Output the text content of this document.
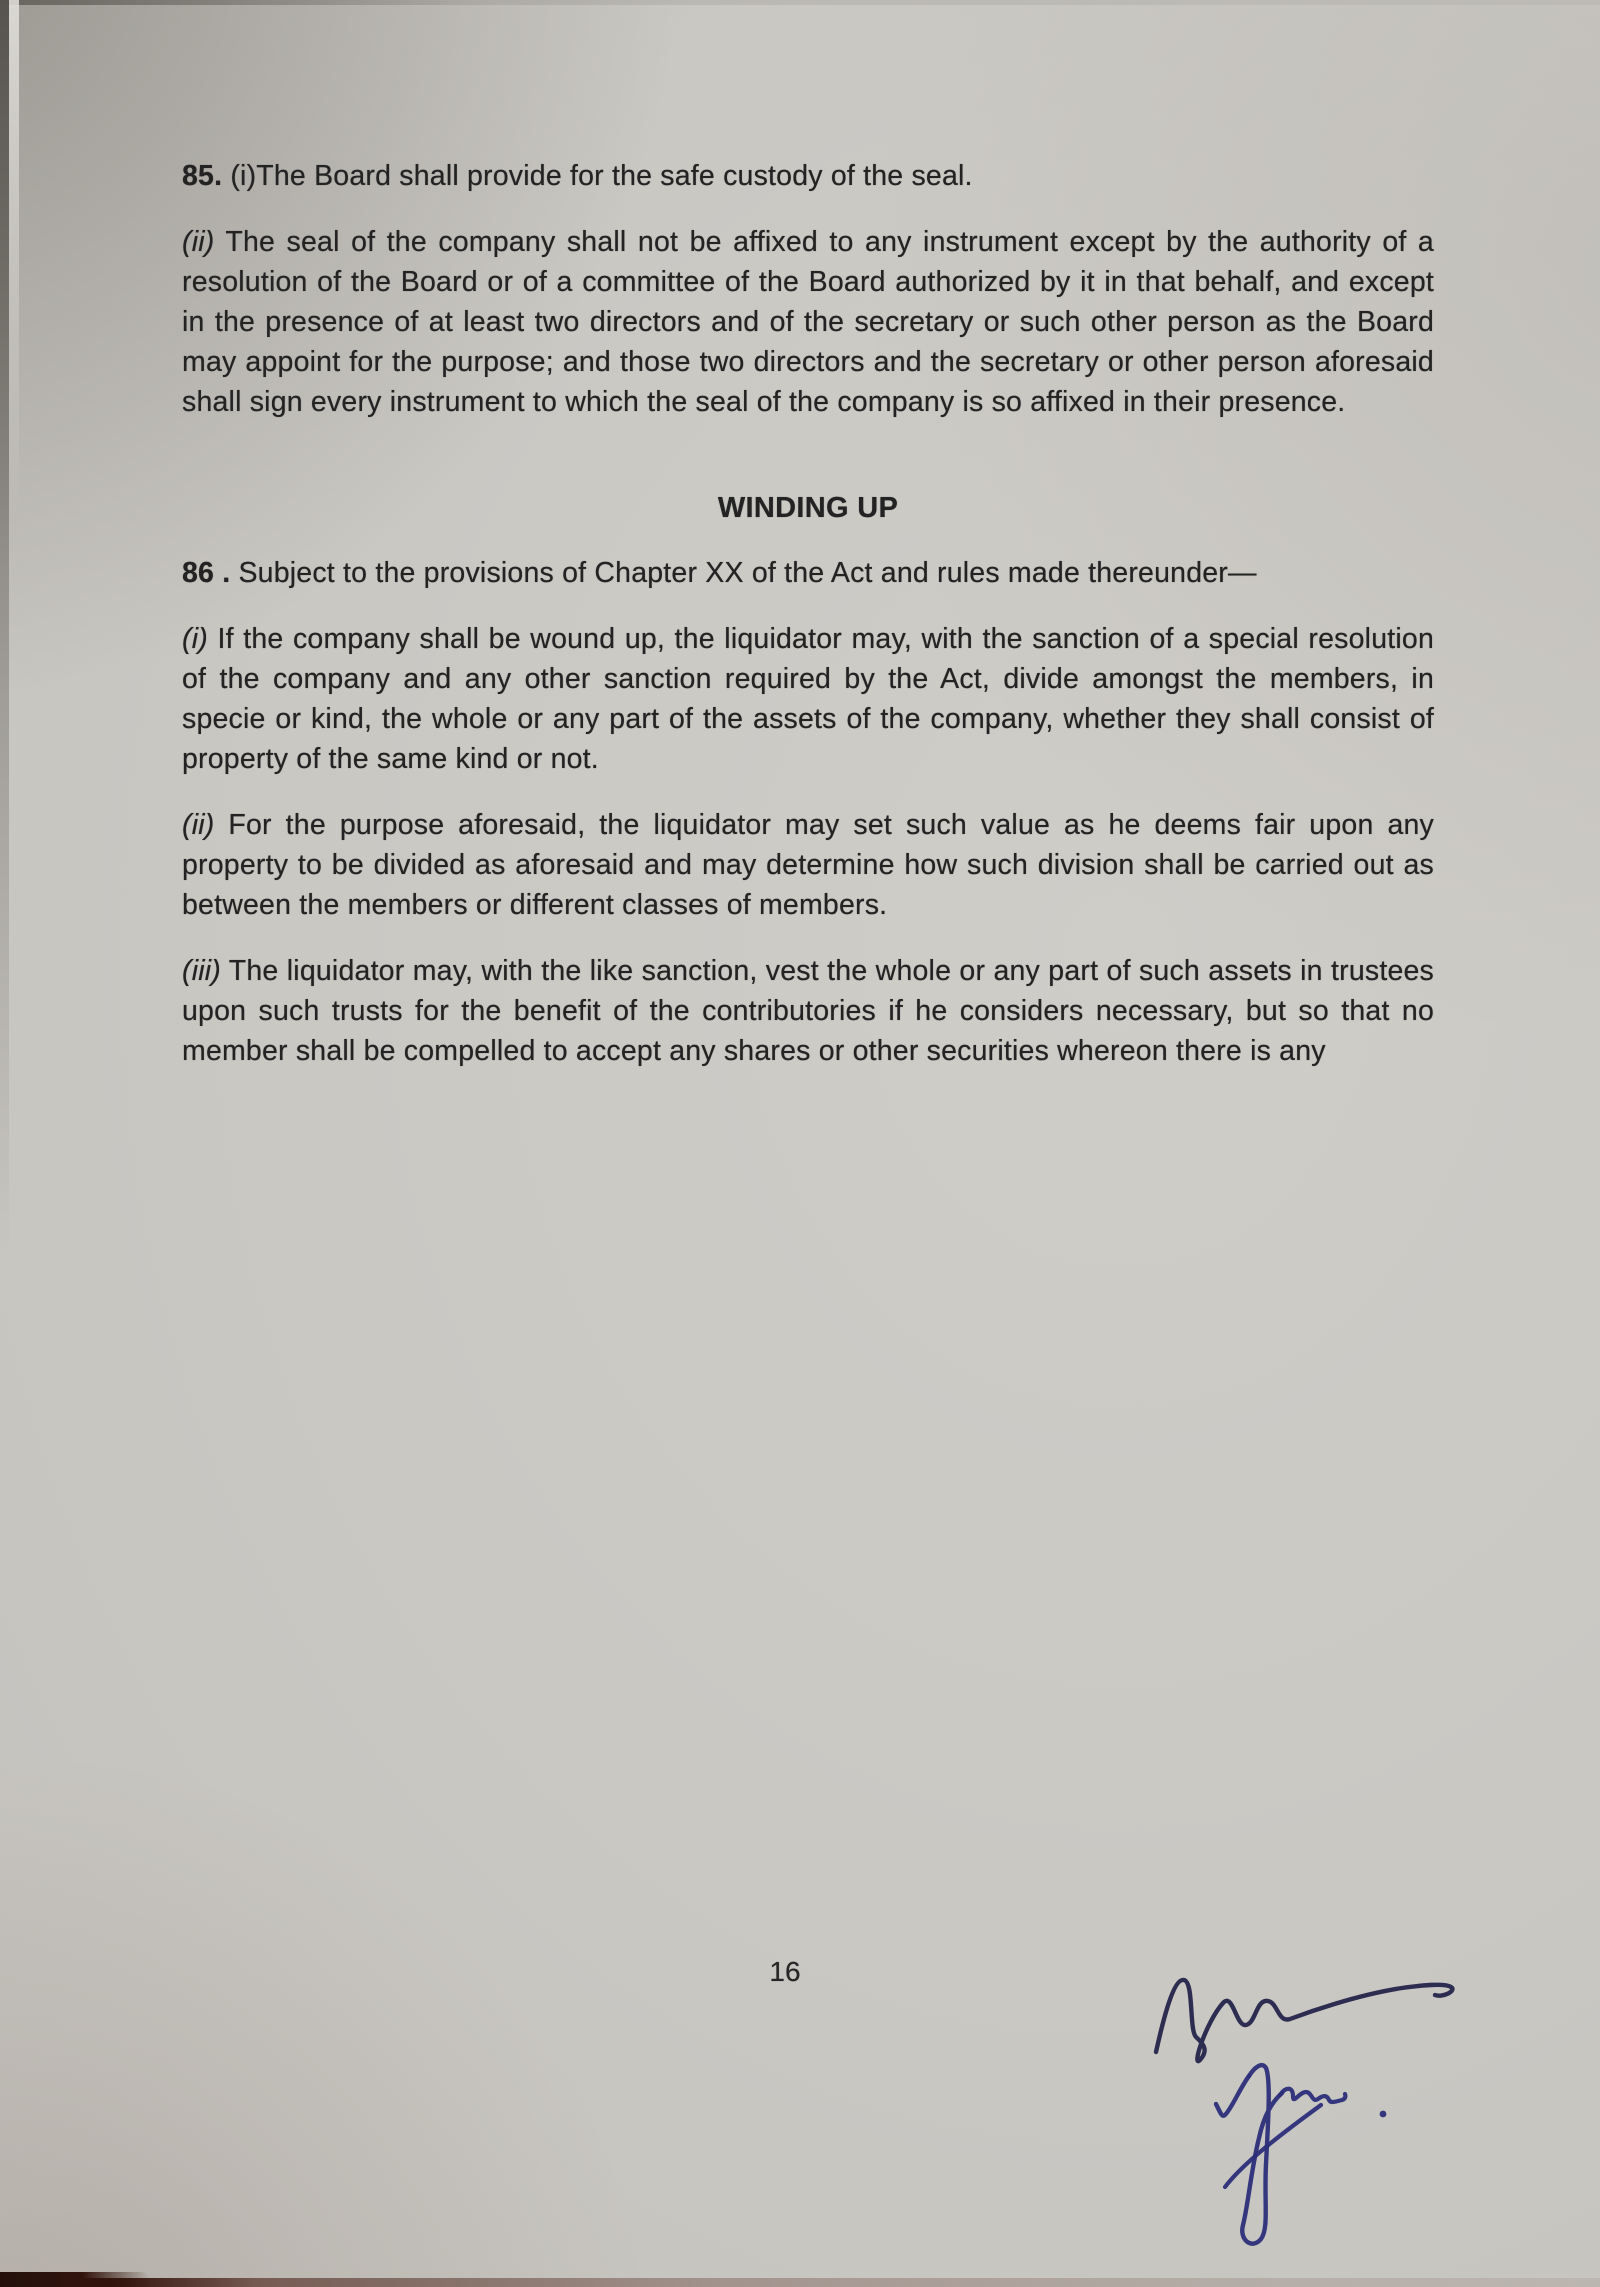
85. (i)The Board shall provide for the safe custody of the seal.

(ii) The seal of the company shall not be affixed to any instrument except by the authority of a resolution of the Board or of a committee of the Board authorized by it in that behalf, and except in the presence of at least two directors and of the secretary or such other person as the Board may appoint for the purpose; and those two directors and the secretary or other person aforesaid shall sign every instrument to which the seal of the company is so affixed in their presence.

WINDING UP

86 . Subject to the provisions of Chapter XX of the Act and rules made thereunder—

(i) If the company shall be wound up, the liquidator may, with the sanction of a special resolution of the company and any other sanction required by the Act, divide amongst the members, in specie or kind, the whole or any part of the assets of the company, whether they shall consist of property of the same kind or not.

(ii) For the purpose aforesaid, the liquidator may set such value as he deems fair upon any property to be divided as aforesaid and may determine how such division shall be carried out as between the members or different classes of members.

(iii) The liquidator may, with the like sanction, vest the whole or any part of such assets in trustees upon such trusts for the benefit of the contributories if he considers necessary, but so that no member shall be compelled to accept any shares or other securities whereon there is any

16
